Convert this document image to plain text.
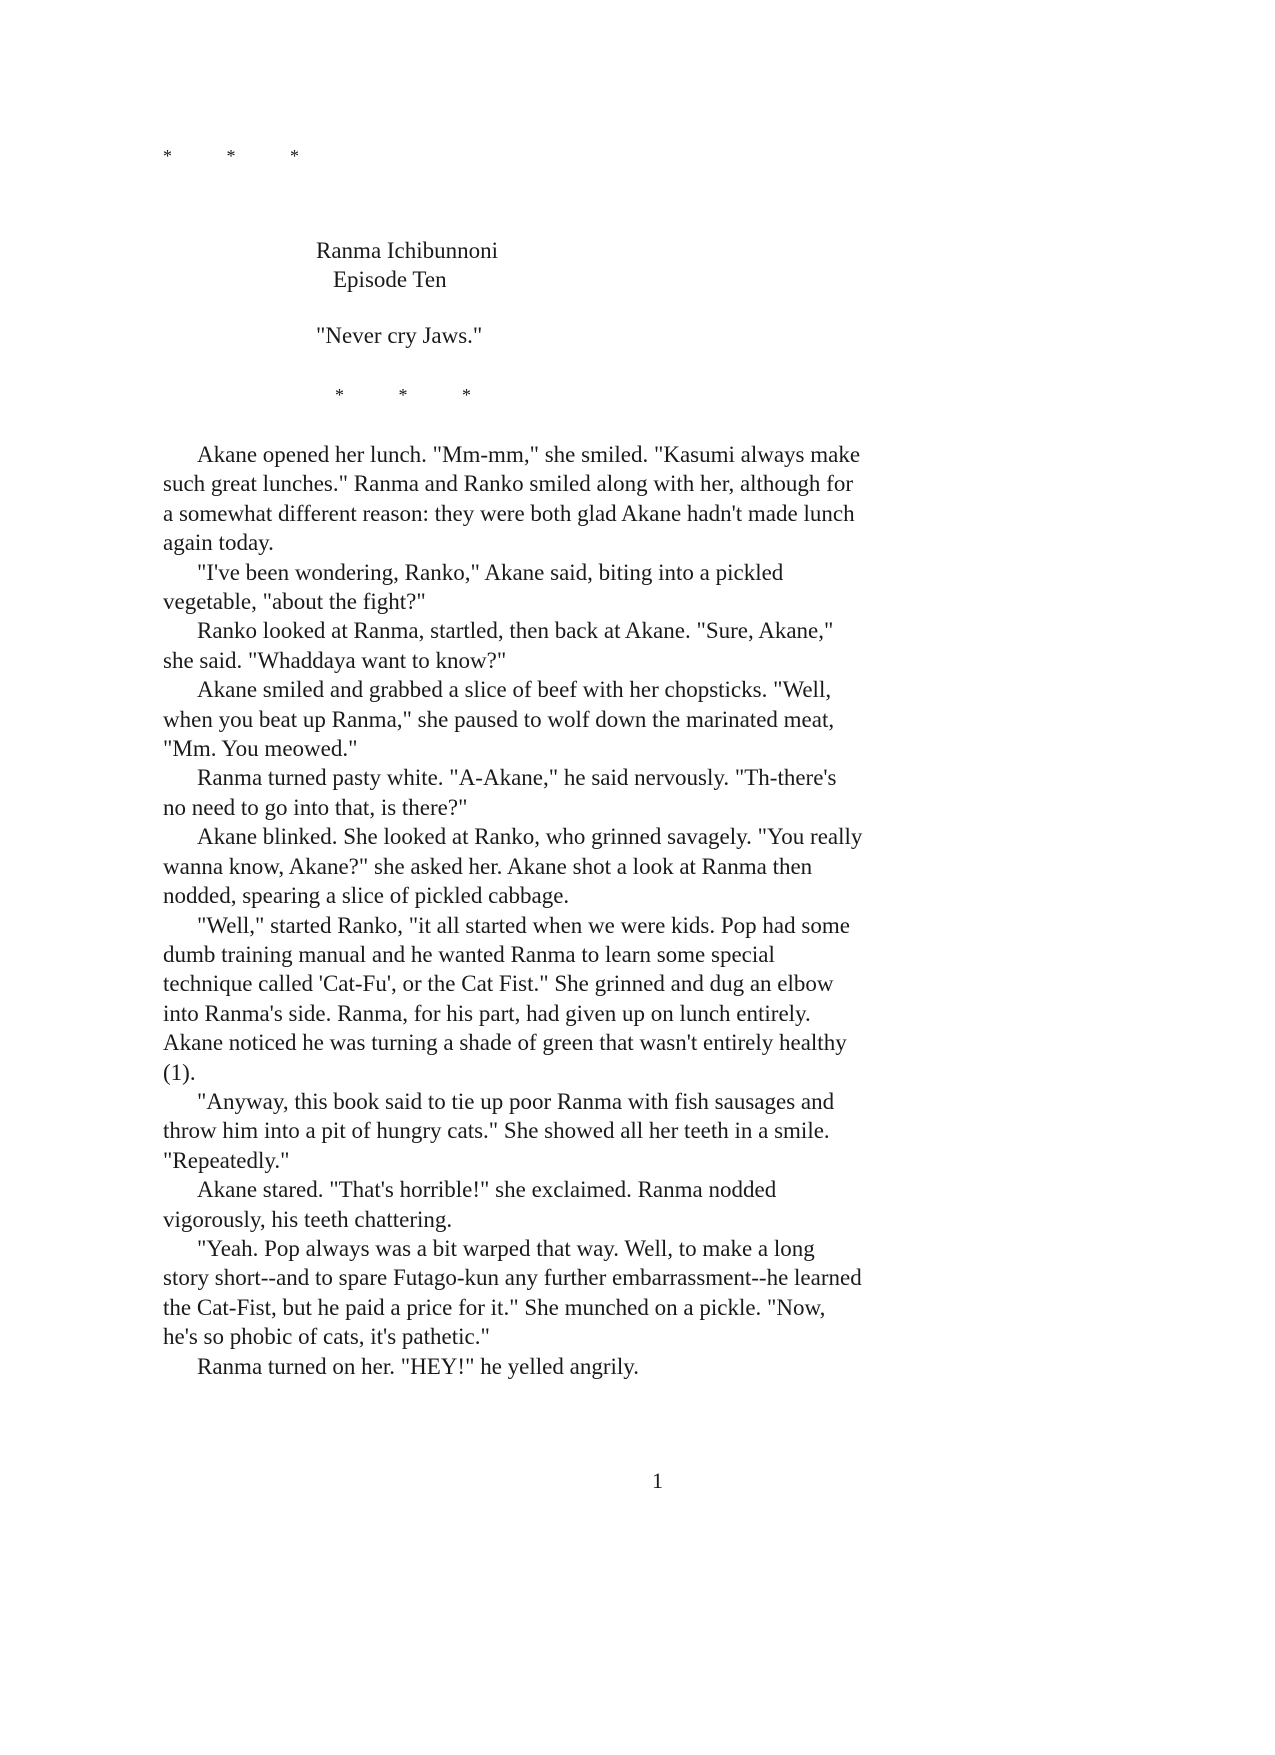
* * *
Ranma Ichibunnoni
Episode Ten
"Never cry Jaws."
* * *

Akane opened her lunch. "Mm-mm," she smiled. "Kasumi always make such great lunches." Ranma and Ranko smiled along with her, although for a somewhat different reason: they were both glad Akane hadn't made lunch again today.

"I've been wondering, Ranko," Akane said, biting into a pickled vegetable, "about the fight?"

Ranko looked at Ranma, startled, then back at Akane. "Sure, Akane," she said. "Whaddaya want to know?"

Akane smiled and grabbed a slice of beef with her chopsticks. "Well, when you beat up Ranma," she paused to wolf down the marinated meat, "Mm. You meowed."

Ranma turned pasty white. "A-Akane," he said nervously. "Th-there's no need to go into that, is there?"

Akane blinked. She looked at Ranko, who grinned savagely. "You really wanna know, Akane?" she asked her. Akane shot a look at Ranma then nodded, spearing a slice of pickled cabbage.

"Well," started Ranko, "it all started when we were kids. Pop had some dumb training manual and he wanted Ranma to learn some special technique called 'Cat-Fu', or the Cat Fist." She grinned and dug an elbow into Ranma's side. Ranma, for his part, had given up on lunch entirely. Akane noticed he was turning a shade of green that wasn't entirely healthy (1).

"Anyway, this book said to tie up poor Ranma with fish sausages and throw him into a pit of hungry cats." She showed all her teeth in a smile. "Repeatedly."

Akane stared. "That's horrible!" she exclaimed. Ranma nodded vigorously, his teeth chattering.

"Yeah. Pop always was a bit warped that way. Well, to make a long story short--and to spare Futago-kun any further embarrassment--he learned the Cat-Fist, but he paid a price for it." She munched on a pickle. "Now, he's so phobic of cats, it's pathetic."

Ranma turned on her. "HEY!" he yelled angrily.

1
